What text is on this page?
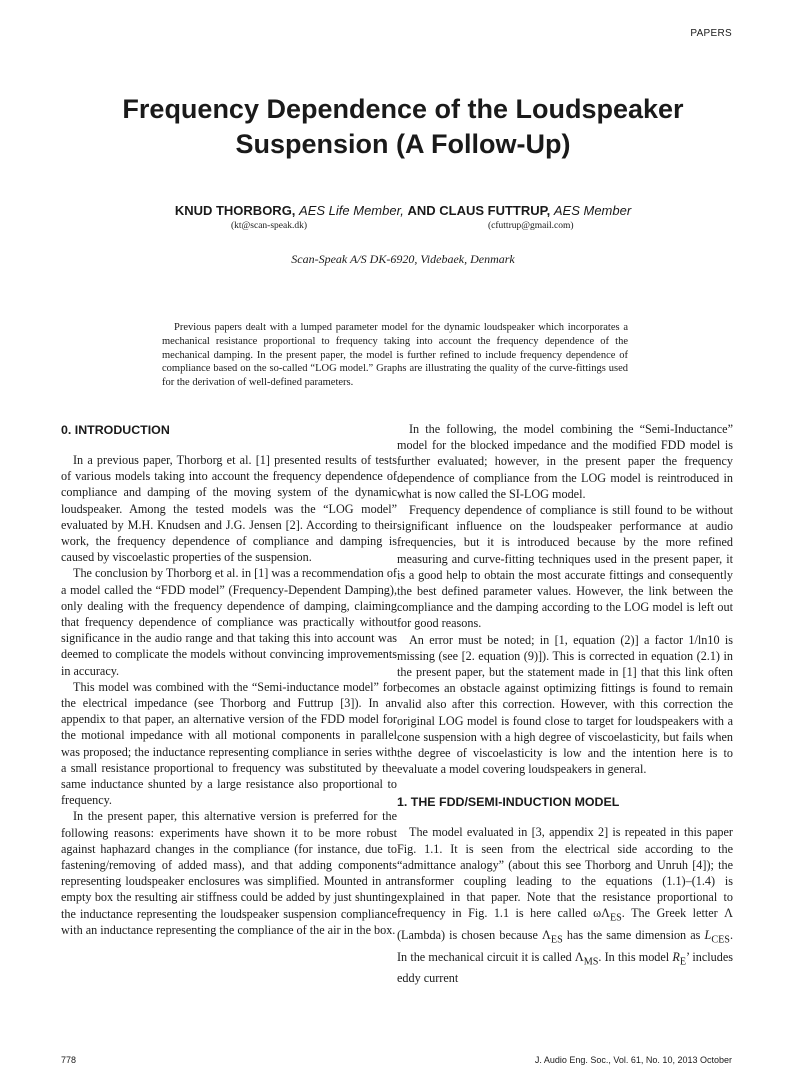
PAPERS
Frequency Dependence of the Loudspeaker Suspension (A Follow-Up)
KNUD THORBORG, AES Life Member, AND CLAUS FUTTRUP, AES Member
(kt@scan-speak.dk)	(cfuttrup@gmail.com)
Scan-Speak A/S DK-6920, Videbaek, Denmark

Previous papers dealt with a lumped parameter model for the dynamic loudspeaker which incorporates a mechanical resistance proportional to frequency taking into account the frequency dependence of the mechanical damping. In the present paper, the model is further refined to include frequency dependence of compliance based on the so-called “LOG model.” Graphs are illustrating the quality of the curve-fittings used for the derivation of well-defined parameters.

0. INTRODUCTION

In a previous paper, Thorborg et al. [1] presented results of tests of various models taking into account the frequency dependence of compliance and damping of the moving system of the dynamic loudspeaker. Among the tested models was the “LOG model” evaluated by M.H. Knudsen and J.G. Jensen [2]. According to their work, the frequency dependence of compliance and damping is caused by viscoelastic properties of the suspension.

The conclusion by Thorborg et al. in [1] was a recommendation of a model called the “FDD model” (Frequency-Dependent Damping), only dealing with the frequency dependence of damping, claiming that frequency dependence of compliance was practically without significance in the audio range and that taking this into account was deemed to complicate the models without convincing improvements in accuracy.

This model was combined with the “Semi-inductance model” for the electrical impedance (see Thorborg and Futtrup [3]). In an appendix to that paper, an alternative version of the FDD model for the motional impedance with all motional components in parallel was proposed; the inductance representing compliance in series with a small resistance proportional to frequency was substituted by the same inductance shunted by a large resistance also proportional to frequency.

In the present paper, this alternative version is preferred for the following reasons: experiments have shown it to be more robust against haphazard changes in the compliance (for instance, due to fastening/removing of added mass), and that adding components representing loudspeaker enclosures was simplified. Mounted in an empty box the resulting air stiffness could be added by just shunting the inductance representing the loudspeaker suspension compliance with an inductance representing the compliance of the air in the box.

In the following, the model combining the “Semi-Inductance” model for the blocked impedance and the modified FDD model is further evaluated; however, in the present paper the frequency dependence of compliance from the LOG model is reintroduced in what is now called the SI-LOG model.

Frequency dependence of compliance is still found to be without significant influence on the loudspeaker performance at audio frequencies, but it is introduced because by the more refined measuring and curve-fitting techniques used in the present paper, it is a good help to obtain the most accurate fittings and consequently the best defined parameter values. However, the link between the compliance and the damping according to the LOG model is left out for good reasons.

An error must be noted; in [1, equation (2)] a factor 1/ln10 is missing (see [2. equation (9)]). This is corrected in equation (2.1) in the present paper, but the statement made in [1] that this link often becomes an obstacle against optimizing fittings is found to remain valid also after this correction. However, with this correction the original LOG model is found close to target for loudspeakers with a cone suspension with a high degree of viscoelasticity, but fails when the degree of viscoelasticity is low and the intention here is to evaluate a model covering loudspeakers in general.

1. THE FDD/SEMI-INDUCTION MODEL

The model evaluated in [3, appendix 2] is repeated in this paper Fig. 1.1. It is seen from the electrical side according to the “admittance analogy” (about this see Thorborg and Unruh [4]); the transformer coupling leading to the equations (1.1)–(1.4) is explained in that paper. Note that the resistance proportional to frequency in Fig. 1.1 is here called $\omega\Lambda_{ES}$. The Greek letter Λ (Lambda) is chosen because $\Lambda_{ES}$ has the same dimension as $L_{CES}$. In the mechanical circuit it is called $\Lambda_{MS}$. In this model $R_E$’ includes eddy current

778	J. Audio Eng. Soc., Vol. 61, No. 10, 2013 October
